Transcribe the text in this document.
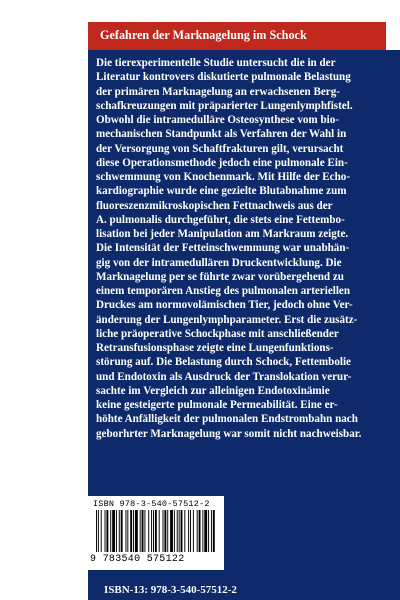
Gefahren der Marknagelung im Schock
Die tierexperimentelle Studie untersucht die in der
Literatur kontrovers diskutierte pulmonale Belastung
der primären Marknagelung an erwachsenen Berg-
schafkreuzungen mit präparierter Lungenlymphfistel.
Obwohl die intramedulläre Osteosynthese vom bio-
mechanischen Standpunkt als Verfahren der Wahl in
der Versorgung von Schaftfrakturen gilt, verursacht
diese Operationsmethode jedoch eine pulmonale Ein-
schwemmung von Knochenmark. Mit Hilfe der Echo-
kardiographie wurde eine gezielte Blutabnahme zum
fluoreszenzmikroskopischen Fettnachweis aus der
A. pulmonalis durchgeführt, die stets eine Fettembo-
lisation bei jeder Manipulation am Markraum zeigte.
Die Intensität der Fetteinschwemmung war unabhän-
gig von der intramedullären Druckentwicklung. Die
Marknagelung per se führte zwar vorübergehend zu
einem temporären Anstieg des pulmonalen arteriellen
Druckes am normovolämischen Tier, jedoch ohne Ver-
änderung der Lungenlymphparameter. Erst die zusätz-
liche präoperative Schockphase mit anschließender
Retransfusionsphase zeigte eine Lungenfunktions-
störung auf. Die Belastung durch Schock, Fettembolie
und Endotoxin als Ausdruck der Translokation verur-
sachte im Vergleich zur alleinigen Endotoxinämie
keine gesteigerte pulmonale Permeabilität. Eine er-
höhte Anfälligkeit der pulmonalen Endstrombahn nach
geborhrter Marknagelung war somit nicht nachweisbar.
ISBN 978-3-540-57512-2
9 783540 575122
ISBN-13: 978-3-540-57512-2
